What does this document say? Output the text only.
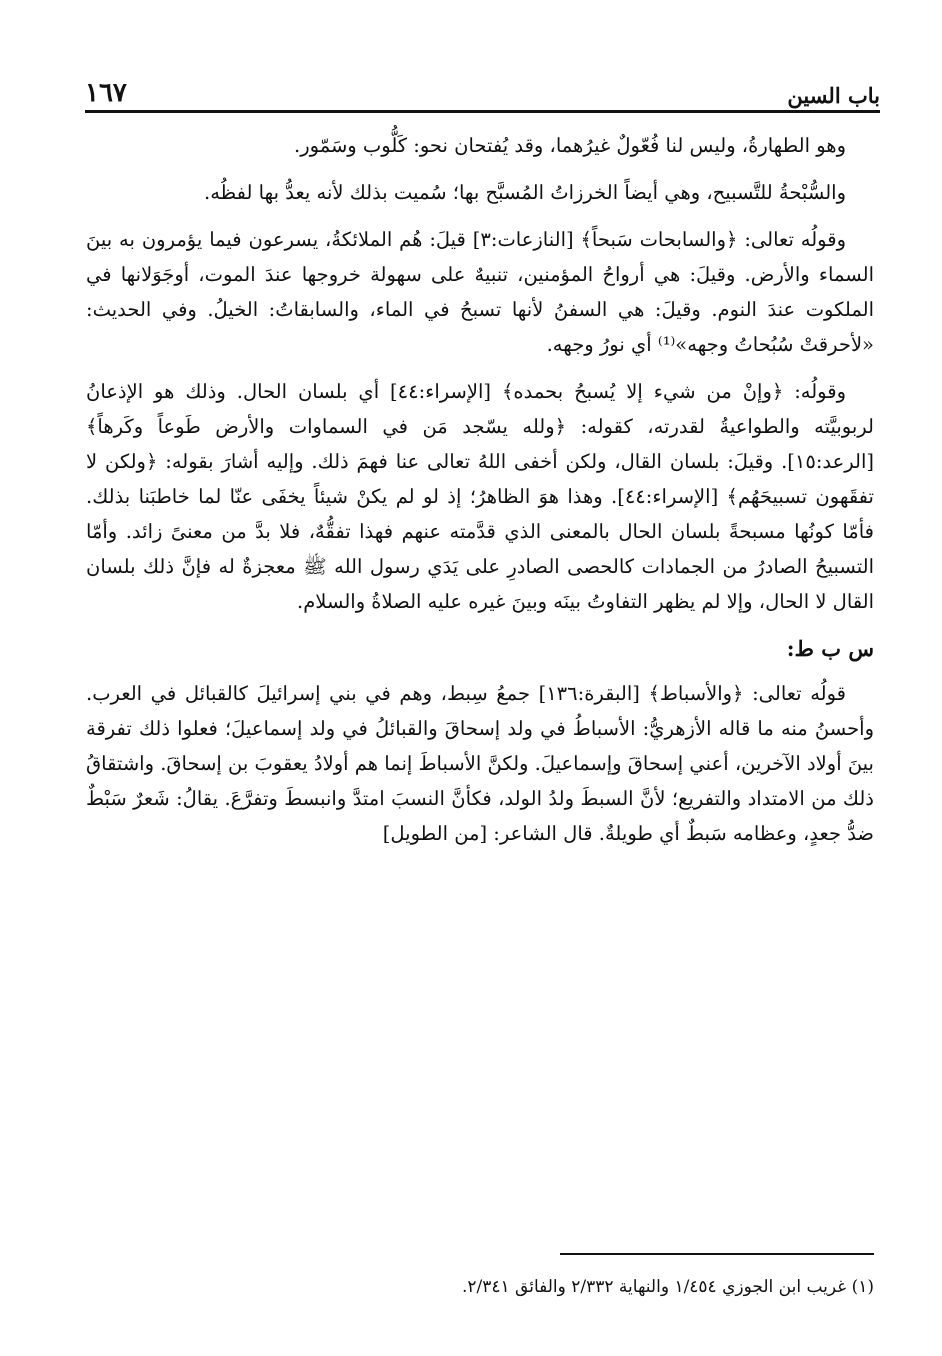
باب السين
١٦٧

وهو الطهارةُ، وليس لنا فُعّولٌ غيرُهما، وقد يُفتحان نحو: كَلُّوب وسَمّور.

والسُّبْحةُ للتَّسبيح، وهي أيضاً الخرزاتُ المُسبَّح بها؛ سُميت بذلك لأنه يعدُّ بها لفظُه.

وقولُه تعالى: ﴿والسابحات سَبحاً﴾ [النازعات:٣] قيلَ: هُم الملائكةُ، يسرعون فيما يؤمرون به بينَ السماء والأرض. وقيلَ: هي أرواحُ المؤمنين، تنبيهٌ على سهولة خروجها عندَ الموت، أوجَوَلانها في الملكوت عندَ النوم. وقيلَ: هي السفنُ لأنها تسبحُ في الماء، والسابقاتُ: الخيلُ. وفي الحديث: «لأحرقتْ سُبُحاتُ وجهه»⁽¹⁾ أي نورُ وجهه.

وقولُه: ﴿وإنْ من شيء إلا يُسبحُ بحمده﴾ [الإسراء:٤٤] أي بلسان الحال. وذلك هو الإذعانُ لربوبيَّته والطواعيةُ لقدرته، كقوله: ﴿ولله يسّجد مَن في السماوات والأرض طَوعاً وكَرهاً﴾ [الرعد:١٥]. وقيلَ: بلسان القال، ولكن أخفى اللهُ تعالى عنا فهمَ ذلك. وإليه أشارَ بقوله: ﴿ولكن لا تفقَهون تسبيحَهُم﴾ [الإسراء:٤٤]. وهذا هوَ الظاهرُ؛ إذ لو لم يكنْ شيئاً يخفَى عنّا لما خاطبَنا بذلك. فأمّا كونُها مسبحةً بلسان الحال بالمعنى الذي قدَّمته عنهم فهذا تفقُّهٌ، فلا بدَّ من معنىً زائد. وأمّا التسبيحُ الصادرُ من الجمادات كالحصى الصادرِ على يَدَي رسول الله ﷺ معجزةٌ له فإنَّ ذلك بلسان القال لا الحال، وإلا لم يظهر التفاوتُ بينَه وبينَ غيره عليه الصلاةُ والسلام.

س ب ط:

قولُه تعالى: ﴿والأسباط﴾ [البقرة:١٣٦] جمعُ سِبط، وهم في بني إسرائيلَ كالقبائل في العرب. وأحسنُ منه ما قاله الأزهريُّ: الأسباطُ في ولد إسحاقَ والقبائلُ في ولد إسماعيلَ؛ فعلوا ذلك تفرقة بينَ أولاد الآخرين، أعني إسحاقَ وإسماعيلَ. ولكنَّ الأسباطَ إنما هم أولادُ يعقوبَ بن إسحاقَ. واشتقاقُ ذلك من الامتداد والتفريع؛ لأنَّ السبطَ ولدُ الولد، فكأنَّ النسبَ امتدَّ وانبسطَ وتفرَّعَ. يقالُ: شَعرٌ سَبْطٌ ضدُّ جعدٍ، وعظامه سَبطٌ أي طويلةٌ. قال الشاعر: [من الطويل]

(١) غريب ابن الجوزي ١/٤٥٤ والنهاية ٢/٣٣٢ والفائق ٢/٣٤١.
